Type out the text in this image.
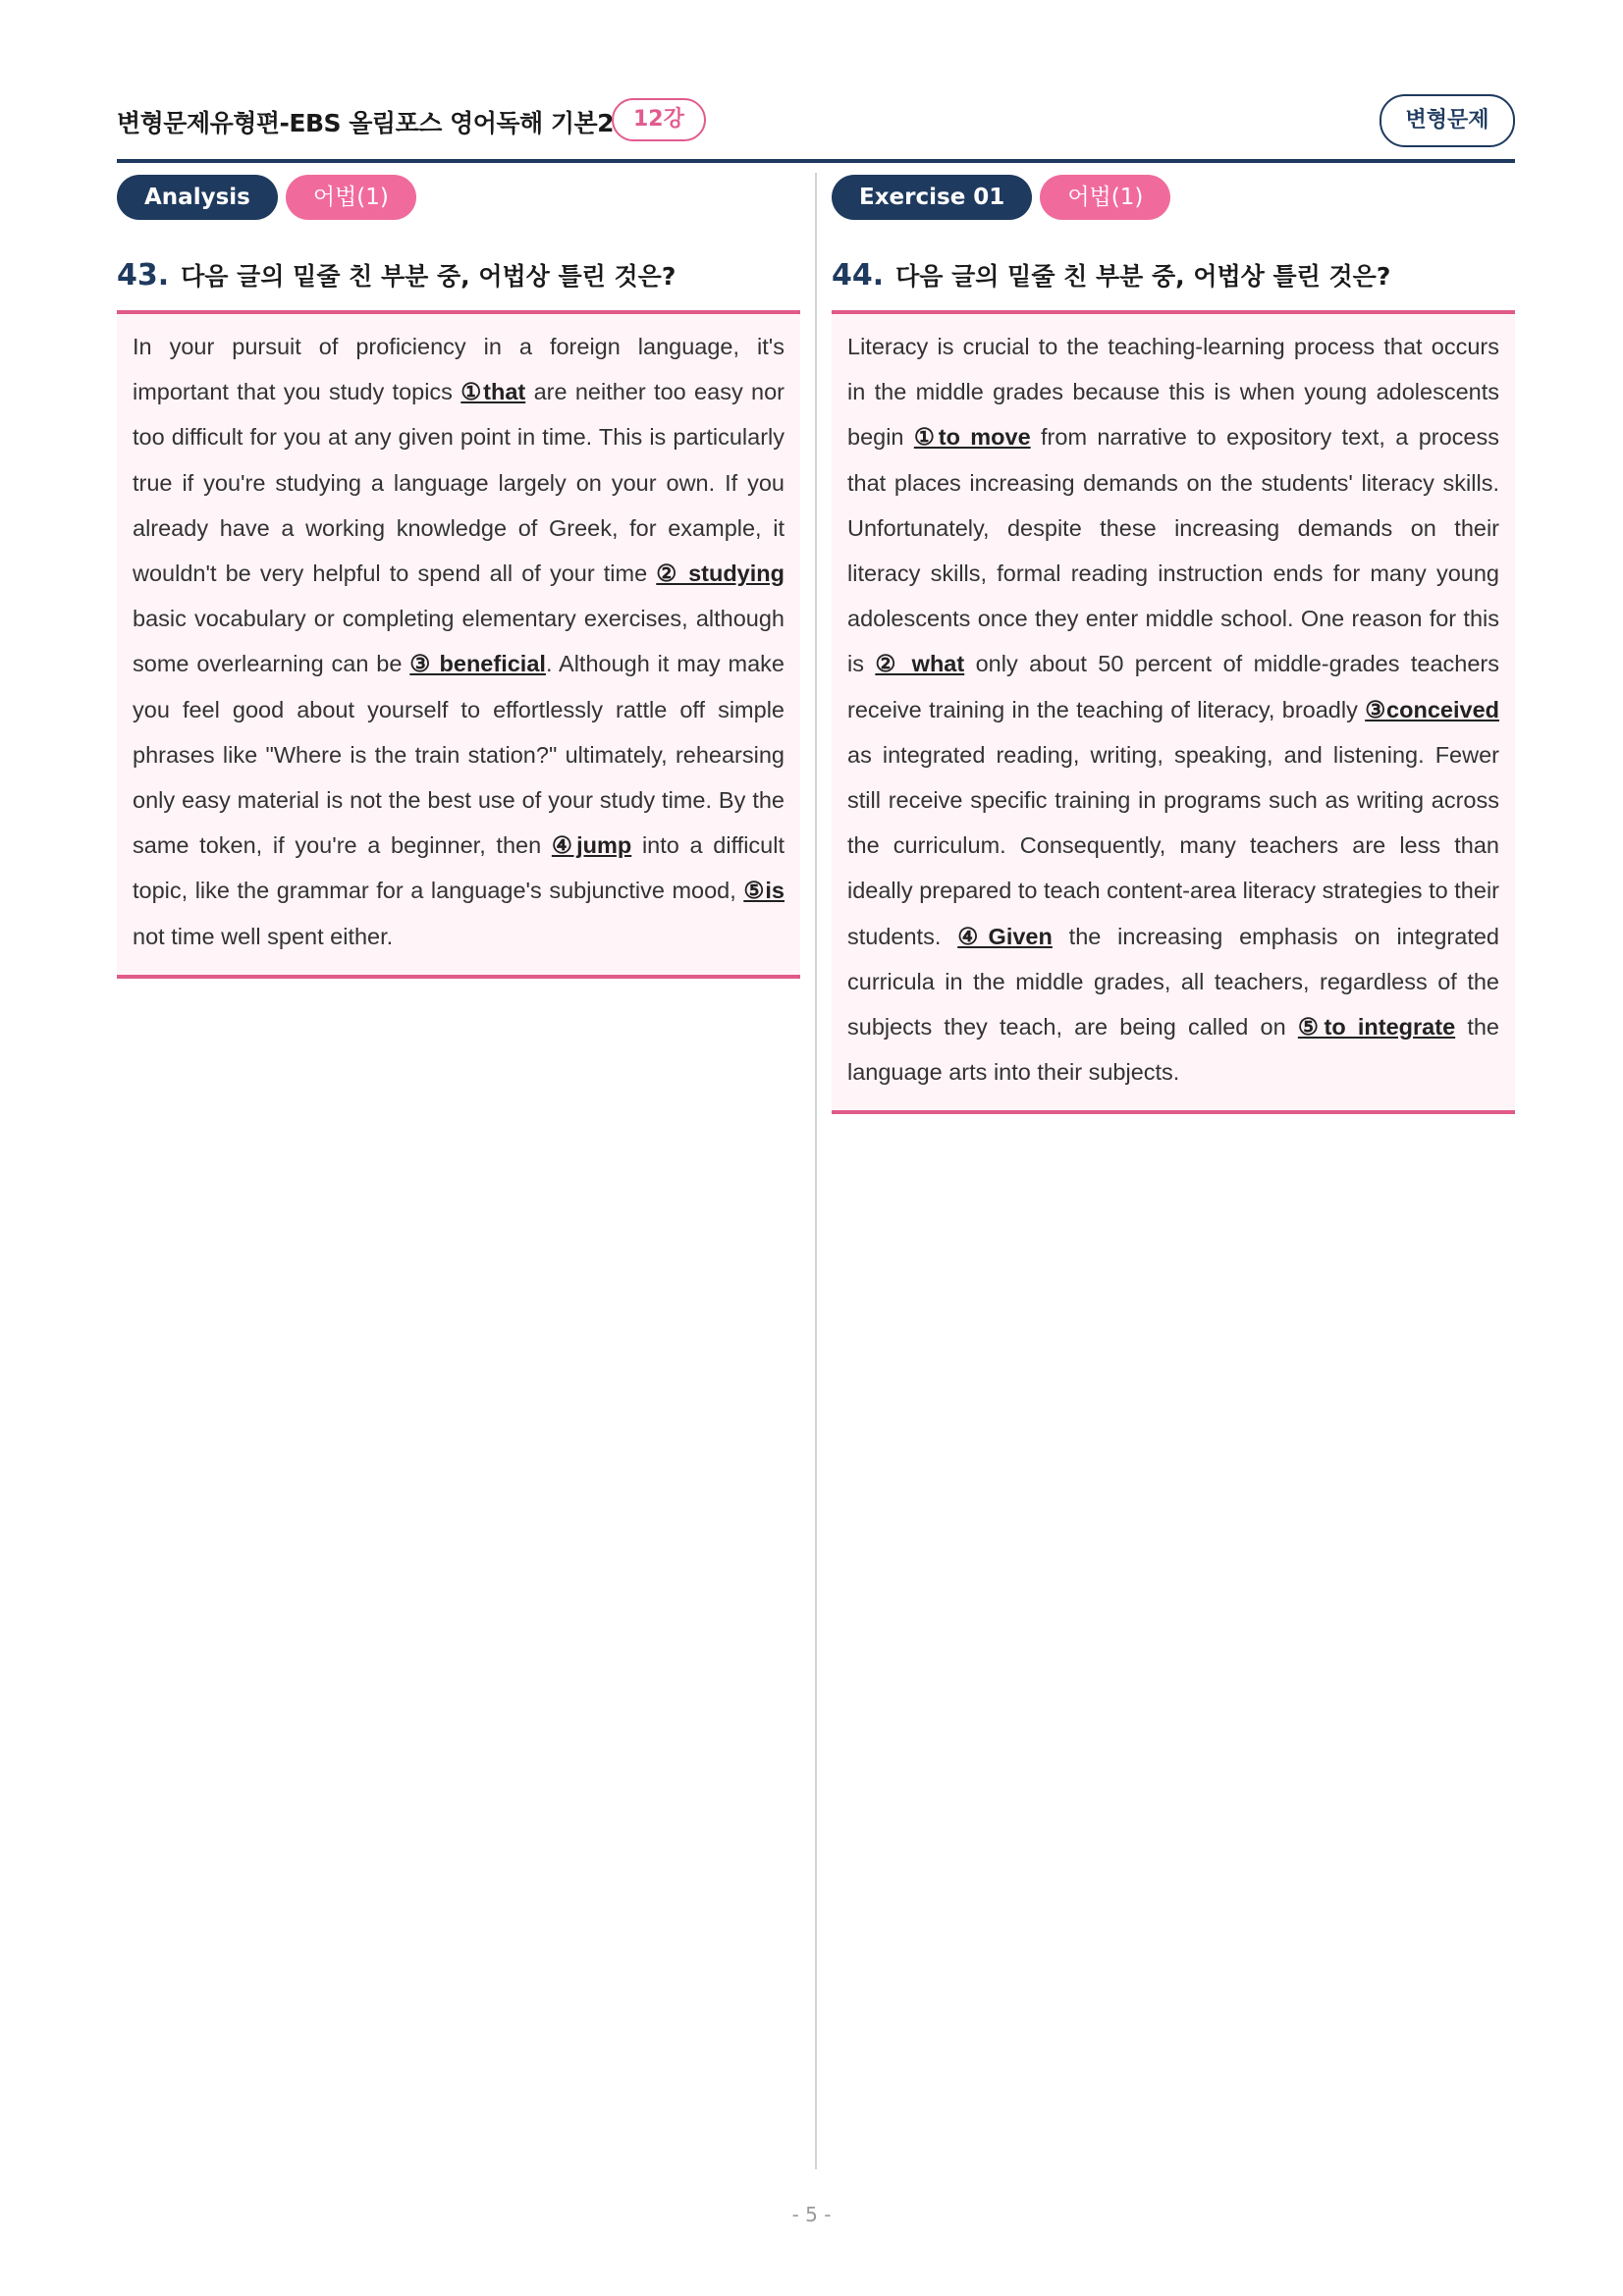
변형문제유형편-EBS 올림포스 영어독해 기본2 12강	변형문제
Analysis	어법(1)
43. 다음 글의 밑줄 친 부분 중, 어법상 틀린 것은?
In your pursuit of proficiency in a foreign language, it's important that you study topics ①that are neither too easy nor too difficult for you at any given point in time. This is particularly true if you're studying a language largely on your own. If you already have a working knowledge of Greek, for example, it wouldn't be very helpful to spend all of your time ② studying basic vocabulary or completing elementary exercises, although some overlearning can be ③ beneficial. Although it may make you feel good about yourself to effortlessly rattle off simple phrases like "Where is the train station?" ultimately, rehearsing only easy material is not the best use of your study time. By the same token, if you're a beginner, then ④jump into a difficult topic, like the grammar for a language's subjunctive mood, ⑤is not time well spent either.
Exercise 01	어법(1)
44. 다음 글의 밑줄 친 부분 중, 어법상 틀린 것은?
Literacy is crucial to the teaching-learning process that occurs in the middle grades because this is when young adolescents begin ①to move from narrative to expository text, a process that places increasing demands on the students' literacy skills. Unfortunately, despite these increasing demands on their literacy skills, formal reading instruction ends for many young adolescents once they enter middle school. One reason for this is ② what only about 50 percent of middle-grades teachers receive training in the teaching of literacy, broadly ③conceived as integrated reading, writing, speaking, and listening. Fewer still receive specific training in programs such as writing across the curriculum. Consequently, many teachers are less than ideally prepared to teach content-area literacy strategies to their students. ④Given the increasing emphasis on integrated curricula in the middle grades, all teachers, regardless of the subjects they teach, are being called on ⑤to integrate the language arts into their subjects.
- 5 -
